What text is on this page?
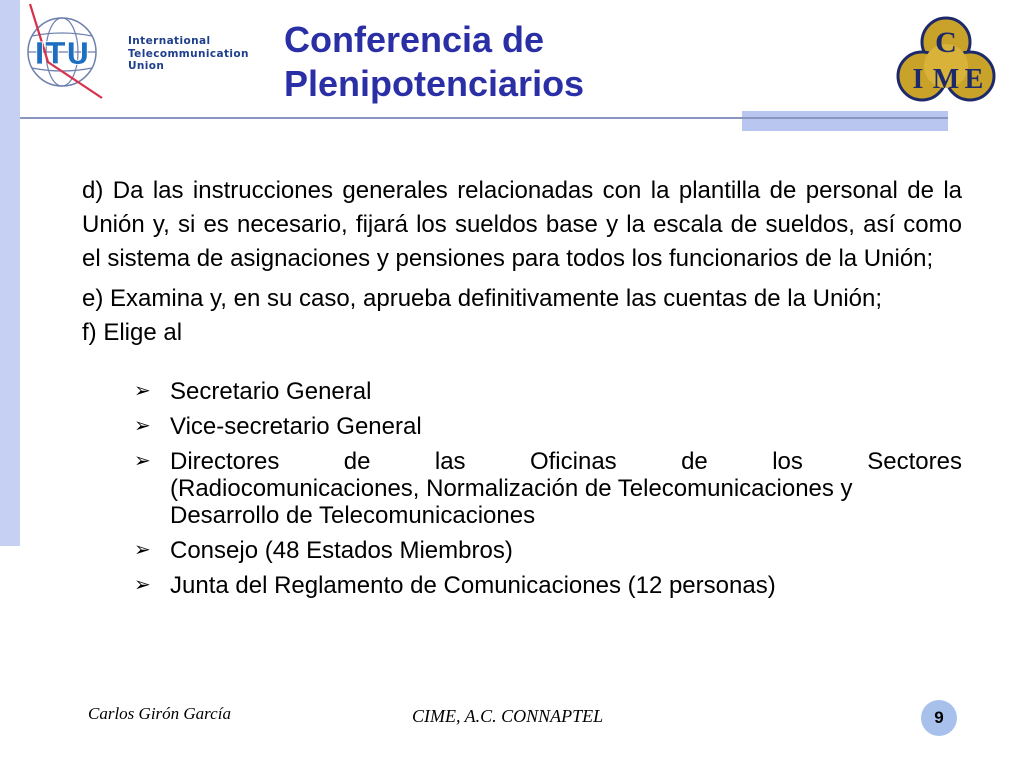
ITU	International
Telecommunication
Union
Conferencia de
Plenipotenciarios
C
I M E

d) Da las instrucciones generales relacionadas con la plantilla de personal de la Unión y, si es necesario, fijará los sueldos base y la escala de sueldos, así como el sistema de asignaciones y pensiones para todos los funcionarios de la Unión;

e) Examina y, en su caso, aprueba definitivamente las cuentas de la Unión;

f) Elige al

➢ Secretario General
➢ Vice-secretario General
➢ Directores de las Oficinas de los Sectores
(Radiocomunicaciones, Normalización de Telecomunicaciones y Desarrollo de Telecomunicaciones
➢ Consejo (48 Estados Miembros)
➢ Junta del Reglamento de Comunicaciones (12 personas)
Carlos Girón García	CIME, A.C. CONNAPTEL	9
